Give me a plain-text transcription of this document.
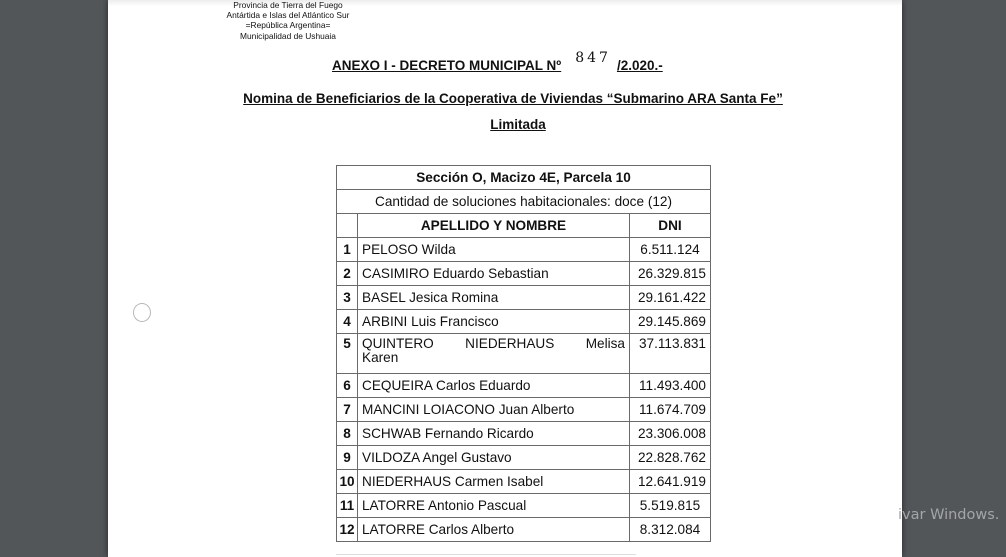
Provincia de Tierra del Fuego
Antártida e Islas del Atlántico Sur
=República Argentina=
Municipalidad de Ushuaia
ANEXO I - DECRETO MUNICIPAL Nº 847 /2.020.-
Nomina de Beneficiarios de la Cooperativa de Viviendas “Submarino ARA Santa Fe”
Limitada
Sección O, Macizo 4E, Parcela 10		
Cantidad de soluciones habitacionales: doce (12)		
	APELLIDO Y NOMBRE	DNI
1	PELOSO Wilda	6.511.124
2	CASIMIRO Eduardo Sebastian	26.329.815
3	BASEL Jesica Romina	29.161.422
4	ARBINI Luis Francisco	29.145.869
5	QUINTERO NIEDERHAUS Melisa
Karen	37.113.831
6	CEQUEIRA Carlos Eduardo	11.493.400
7	MANCINI LOIACONO Juan Alberto	11.674.709
8	SCHWAB Fernando Ricardo	23.306.008
9	VILDOZA Angel Gustavo	22.828.762
10	NIEDERHAUS Carmen Isabel	12.641.919
11	LATORRE Antonio Pascual	5.519.815
12	LATORRE Carlos Alberto	8.312.084
ivar Windows.
